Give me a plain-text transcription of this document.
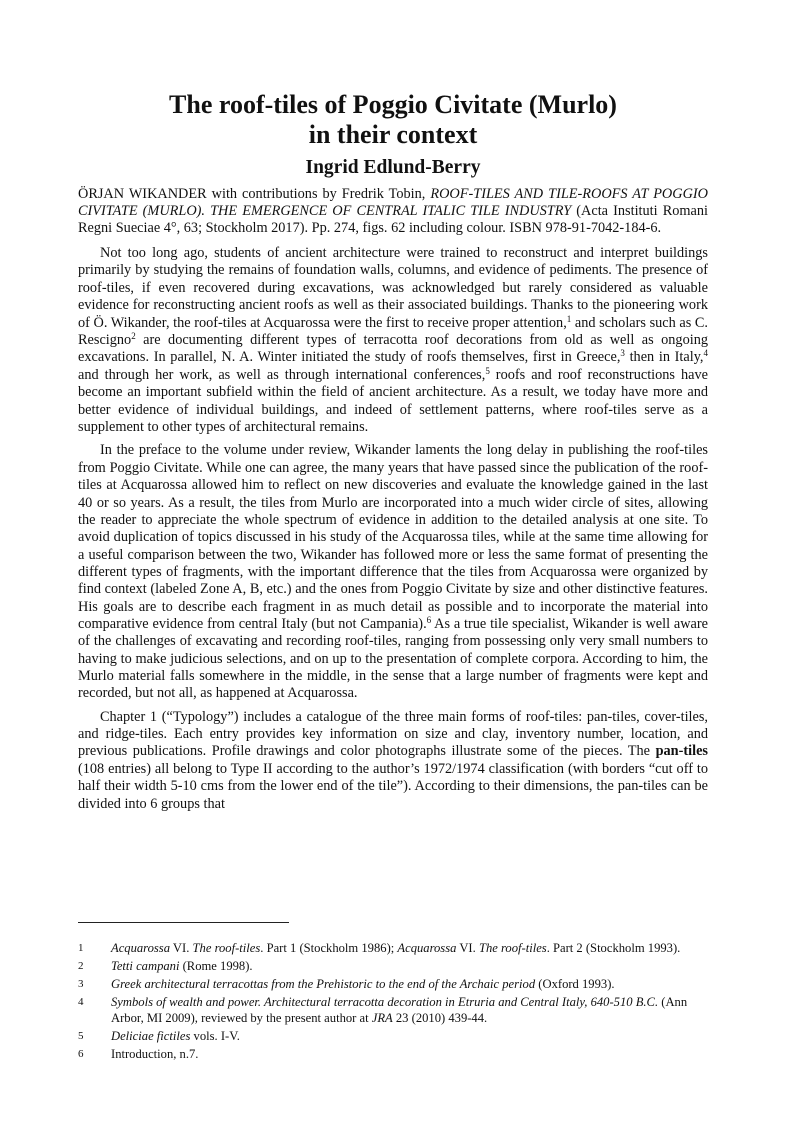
The roof-tiles of Poggio Civitate (Murlo)
in their context
Ingrid Edlund-Berry

ÖRJAN WIKANDER with contributions by Fredrik Tobin, ROOF-TILES AND TILE-ROOFS AT POGGIO CIVITATE (MURLO). THE EMERGENCE OF CENTRAL ITALIC TILE INDUSTRY (Acta Instituti Romani Regni Sueciae 4°, 63; Stockholm 2017). Pp. 274, figs. 62 including colour. ISBN 978-91-7042-184-6.

Not too long ago, students of ancient architecture were trained to reconstruct and interpret buildings primarily by studying the remains of foundation walls, columns, and evidence of pediments. The presence of roof-tiles, if even recovered during excavations, was acknowledged but rarely considered as valuable evidence for reconstructing ancient roofs as well as their associated buildings. Thanks to the pioneering work of Ö. Wikander, the roof-tiles at Acquarossa were the first to receive proper attention,$^1$ and scholars such as C. Rescigno$^2$ are documenting different types of terracotta roof decorations from old as well as ongoing excavations. In parallel, N. A. Winter initiated the study of roofs themselves, first in Greece,$^3$ then in Italy,$^4$ and through her work, as well as through international conferences,$^5$ roofs and roof reconstructions have become an important subfield within the field of ancient architecture. As a result, we today have more and better evidence of individual buildings, and indeed of settlement patterns, where roof-tiles serve as a supplement to other types of architectural remains.

In the preface to the volume under review, Wikander laments the long delay in publishing the roof-tiles from Poggio Civitate. While one can agree, the many years that have passed since the publication of the roof-tiles at Acquarossa allowed him to reflect on new discoveries and evaluate the knowledge gained in the last 40 or so years. As a result, the tiles from Murlo are incorporated into a much wider circle of sites, allowing the reader to appreciate the whole spectrum of evidence in addition to the detailed analysis at one site. To avoid duplication of topics discussed in his study of the Acquarossa tiles, while at the same time allowing for a useful comparison between the two, Wikander has followed more or less the same format of presenting the different types of fragments, with the important difference that the tiles from Acquarossa were organized by find context (labeled Zone A, B, etc.) and the ones from Poggio Civitate by size and other distinctive features. His goals are to describe each fragment in as much detail as possible and to incorporate the material into comparative evidence from central Italy (but not Campania).$^6$ As a true tile specialist, Wikander is well aware of the challenges of excavating and recording roof-tiles, ranging from possessing only very small numbers to having to make judicious selections, and on up to the presentation of complete corpora. According to him, the Murlo material falls somewhere in the middle, in the sense that a large number of fragments were kept and recorded, but not all, as happened at Acquarossa.

Chapter 1 (“Typology”) includes a catalogue of the three main forms of roof-tiles: pan-tiles, cover-tiles, and ridge-tiles. Each entry provides key information on size and clay, inventory number, location, and previous publications. Profile drawings and color photographs illustrate some of the pieces. The pan-tiles (108 entries) all belong to Type II according to the author’s 1972/1974 classification (with borders “cut off to half their width 5-10 cms from the lower end of the tile”). According to their dimensions, the pan-tiles can be divided into 6 groups that

1	Acquarossa VI. The roof-tiles. Part 1 (Stockholm 1986); Acquarossa VI. The roof-tiles. Part 2 (Stockholm 1993).
2	Tetti campani (Rome 1998).
3	Greek architectural terracottas from the Prehistoric to the end of the Archaic period (Oxford 1993).
4	Symbols of wealth and power. Architectural terracotta decoration in Etruria and Central Italy, 640-510 B.C. (Ann Arbor, MI 2009), reviewed by the present author at JRA 23 (2010) 439-44.
5	Deliciae fictiles vols. I-V.
6	Introduction, n.7.
